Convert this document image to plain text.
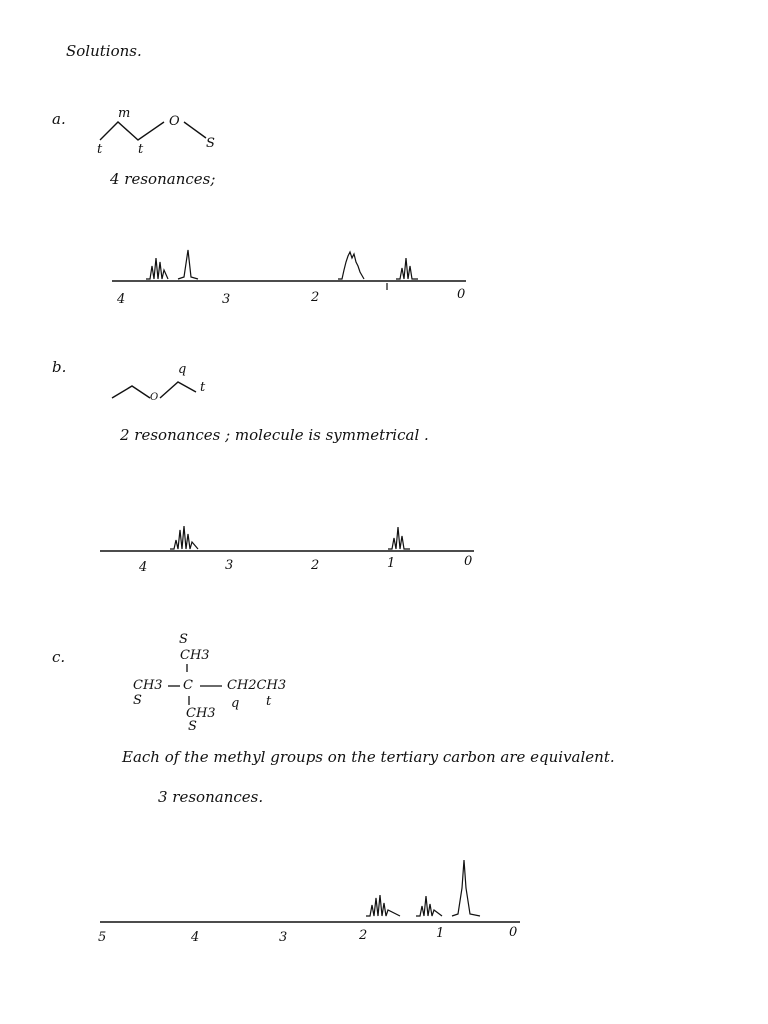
Solutions.
a.	m
t	t
O
S
4 resonances;
4	3	2	0
b.	q
t
O
2 resonances ; molecule is symmetrical .
4	3	2	1	0
c.
S
CH3
CH3 C	CH2CH3
CH3
S
S	q t
Each of the methyl groups on the tertiary carbon are equivalent.
3 resonances.
5	4	3	2	1	0
